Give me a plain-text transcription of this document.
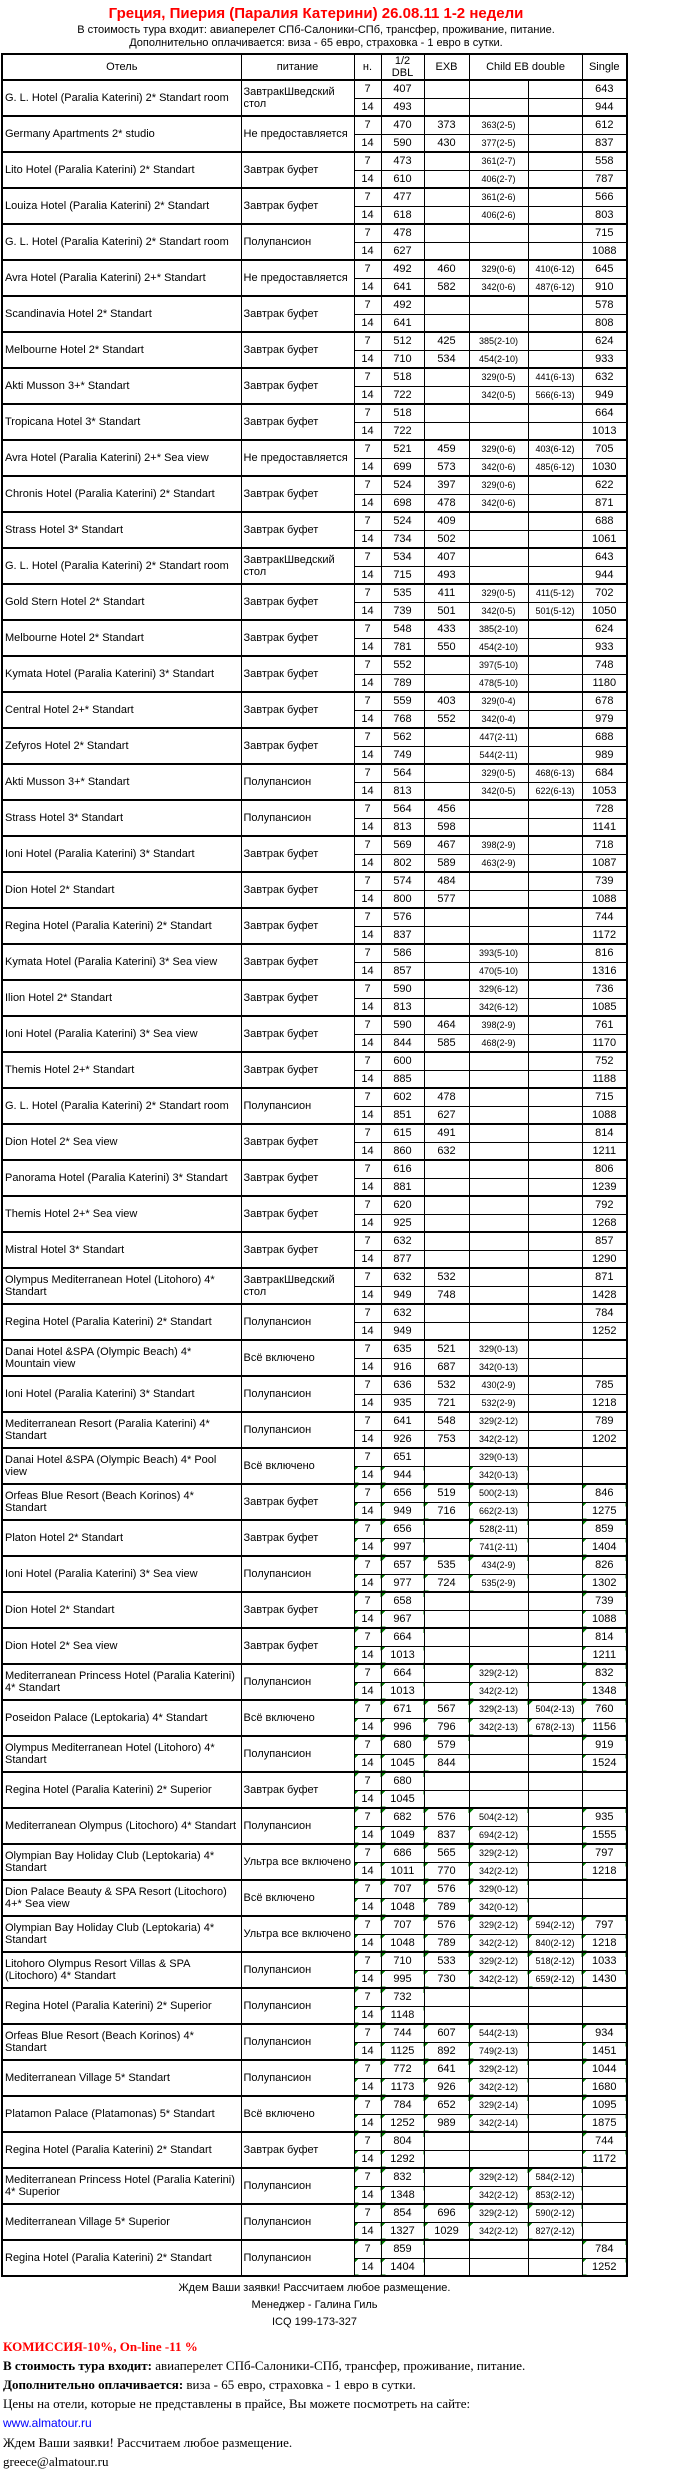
Греция, Пиерия (Паралия Катерини) 26.08.11 1-2 недели
В стоимость тура входит: авиаперелет СПб-Салоники-СПб, трансфер, проживание, питание.
Дополнительно оплачивается: виза - 65 евро, страховка - 1 евро в сутки.
Отель	питание	н.	1/2 DBL	EXB	Child EB double		Single
G. L. Hotel (Paralia Katerini) 2* Standart room	ЗавтракШведский стол	7	407				643
		14	493				944
Germany Apartments 2* studio	Не предоставляется	7	470	373	363(2-5)		612
		14	590	430	377(2-5)		837
Lito Hotel (Paralia Katerini) 2* Standart	Завтрак буфет	7	473		361(2-7)		558
		14	610		406(2-7)		787
Louiza Hotel (Paralia Katerini) 2* Standart	Завтрак буфет	7	477		361(2-6)		566
		14	618		406(2-6)		803
G. L. Hotel (Paralia Katerini) 2* Standart room	Полупансион	7	478				715
		14	627				1088
Avra Hotel (Paralia Katerini) 2+* Standart	Не предоставляется	7	492	460	329(0-6)	410(6-12)	645
		14	641	582	342(0-6)	487(6-12)	910
Scandinavia Hotel 2* Standart	Завтрак буфет	7	492				578
		14	641				808
Melbourne Hotel 2* Standart	Завтрак буфет	7	512	425	385(2-10)		624
		14	710	534	454(2-10)		933
Akti Musson 3+* Standart	Завтрак буфет	7	518		329(0-5)	441(6-13)	632
		14	722		342(0-5)	566(6-13)	949
Tropicana Hotel 3* Standart	Завтрак буфет	7	518				664
		14	722				1013
Avra Hotel (Paralia Katerini) 2+* Sea view	Не предоставляется	7	521	459	329(0-6)	403(6-12)	705
		14	699	573	342(0-6)	485(6-12)	1030
Chronis Hotel (Paralia Katerini) 2* Standart	Завтрак буфет	7	524	397	329(0-6)		622
		14	698	478	342(0-6)		871
Strass Hotel 3* Standart	Завтрак буфет	7	524	409			688
		14	734	502			1061
G. L. Hotel (Paralia Katerini) 2* Standart room	ЗавтракШведский стол	7	534	407			643
		14	715	493			944
Gold Stern Hotel 2* Standart	Завтрак буфет	7	535	411	329(0-5)	411(5-12)	702
		14	739	501	342(0-5)	501(5-12)	1050
Melbourne Hotel 2* Standart	Завтрак буфет	7	548	433	385(2-10)		624
		14	781	550	454(2-10)		933
Kymata Hotel (Paralia Katerini) 3* Standart	Завтрак буфет	7	552		397(5-10)		748
		14	789		478(5-10)		1180
Central Hotel 2+* Standart	Завтрак буфет	7	559	403	329(0-4)		678
		14	768	552	342(0-4)		979
Zefyros Hotel 2* Standart	Завтрак буфет	7	562		447(2-11)		688
		14	749		544(2-11)		989
Akti Musson 3+* Standart	Полупансион	7	564		329(0-5)	468(6-13)	684
		14	813		342(0-5)	622(6-13)	1053
Strass Hotel 3* Standart	Полупансион	7	564	456			728
		14	813	598			1141
Ioni Hotel (Paralia Katerini) 3* Standart	Завтрак буфет	7	569	467	398(2-9)		718
		14	802	589	463(2-9)		1087
Dion Hotel 2* Standart	Завтрак буфет	7	574	484			739
		14	800	577			1088
Regina Hotel (Paralia Katerini) 2* Standart	Завтрак буфет	7	576				744
		14	837				1172
Kymata Hotel (Paralia Katerini) 3* Sea view	Завтрак буфет	7	586		393(5-10)		816
		14	857		470(5-10)		1316
Ilion Hotel 2* Standart	Завтрак буфет	7	590		329(6-12)		736
		14	813		342(6-12)		1085
Ioni Hotel (Paralia Katerini) 3* Sea view	Завтрак буфет	7	590	464	398(2-9)		761
		14	844	585	468(2-9)		1170
Themis Hotel 2+* Standart	Завтрак буфет	7	600				752
		14	885				1188
G. L. Hotel (Paralia Katerini) 2* Standart room	Полупансион	7	602	478			715
		14	851	627			1088
Dion Hotel 2* Sea view	Завтрак буфет	7	615	491			814
		14	860	632			1211
Panorama Hotel (Paralia Katerini) 3* Standart	Завтрак буфет	7	616				806
		14	881				1239
Themis Hotel 2+* Sea view	Завтрак буфет	7	620				792
		14	925				1268
Mistral Hotel 3* Standart	Завтрак буфет	7	632				857
		14	877				1290
Olympus Mediterranean Hotel (Litohoro) 4* Standart	ЗавтракШведский стол	7	632	532			871
		14	949	748			1428
Regina Hotel (Paralia Katerini) 2* Standart	Полупансион	7	632				784
		14	949				1252
Danai Hotel &SPA (Olympic Beach) 4* Mountain view	Всё включено	7	635	521	329(0-13)		
		14	916	687	342(0-13)		
Ioni Hotel (Paralia Katerini) 3* Standart	Полупансион	7	636	532	430(2-9)		785
		14	935	721	532(2-9)		1218
Mediterranean Resort (Paralia Katerini) 4* Standart	Полупансион	7	641	548	329(2-12)		789
		14	926	753	342(2-12)		1202
Danai Hotel &SPA (Olympic Beach) 4* Pool view	Всё включено	7	651		329(0-13)		
		14	944		342(0-13)		
Orfeas Blue Resort (Beach Korinos) 4* Standart	Завтрак буфет	7	656	519	500(2-13)		846
		14	949	716	662(2-13)		1275
Platon Hotel 2* Standart	Завтрак буфет	7	656		528(2-11)		859
		14	997		741(2-11)		1404
Ioni Hotel (Paralia Katerini) 3* Sea view	Полупансион	7	657	535	434(2-9)		826
		14	977	724	535(2-9)		1302
Dion Hotel 2* Standart	Завтрак буфет	7	658				739
		14	967				1088
Dion Hotel 2* Sea view	Завтрак буфет	7	664				814
		14	1013				1211
Mediterranean Princess Hotel (Paralia Katerini) 4* Standart	Полупансион	7	664		329(2-12)		832
		14	1013		342(2-12)		1348
Poseidon Palace (Leptokaria) 4* Standart	Всё включено	7	671	567	329(2-13)	504(2-13)	760
		14	996	796	342(2-13)	678(2-13)	1156
Olympus Mediterranean Hotel (Litohoro) 4* Standart	Полупансион	7	680	579			919
		14	1045	844			1524
Regina Hotel (Paralia Katerini) 2* Superior	Завтрак буфет	7	680				
		14	1045				
Mediterranean Olympus (Litochoro) 4* Standart	Полупансион	7	682	576	504(2-12)		935
		14	1049	837	694(2-12)		1555
Olympian Bay Holiday Club (Leptokaria) 4* Standart	Ультра все включено	7	686	565	329(2-12)		797
		14	1011	770	342(2-12)		1218
Dion Palace Beauty & SPA Resort (Litochoro) 4+* Sea view	Всё включено	7	707	576	329(0-12)		
		14	1048	789	342(0-12)		
Olympian Bay Holiday Club (Leptokaria) 4* Standart	Ультра все включено	7	707	576	329(2-12)	594(2-12)	797
		14	1048	789	342(2-12)	840(2-12)	1218
Litohoro Olympus Resort Villas & SPA (Litochoro) 4* Standart	Полупансион	7	710	533	329(2-12)	518(2-12)	1033
		14	995	730	342(2-12)	659(2-12)	1430
Regina Hotel (Paralia Katerini) 2* Superior	Полупансион	7	732				
		14	1148				
Orfeas Blue Resort (Beach Korinos) 4* Standart	Полупансион	7	744	607	544(2-13)		934
		14	1125	892	749(2-13)		1451
Mediterranean Village 5* Standart	Полупансион	7	772	641	329(2-12)		1044
		14	1173	926	342(2-12)		1680
Platamon Palace (Platamonas) 5* Standart	Всё включено	7	784	652	329(2-14)		1095
		14	1252	989	342(2-14)		1875
Regina Hotel (Paralia Katerini) 2* Standart	Завтрак буфет	7	804				744
		14	1292				1172
Mediterranean Princess Hotel (Paralia Katerini) 4* Superior	Полупансион	7	832		329(2-12)	584(2-12)	
		14	1348		342(2-12)	853(2-12)	
Mediterranean Village 5* Superior	Полупансион	7	854	696	329(2-12)	590(2-12)	
		14	1327	1029	342(2-12)	827(2-12)	
Regina Hotel (Paralia Katerini) 2* Standart	Полупансион	7	859				784
		14	1404				1252
Ждем Ваши заявки! Рассчитаем любое размещение.
Менеджер - Галина Гиль
ICQ 199-173-327
КОМИССИЯ-10%, On-line -11 %
В стоимость тура входит: авиаперелет СПб-Салоники-СПб, трансфер, проживание, питание.
Дополнительно оплачивается: виза - 65 евро, страховка - 1 евро в сутки.
Цены на отели, которые не представлены в прайсе, Вы можете посмотреть на сайте:
www.almatour.ru
Ждем Ваши заявки! Рассчитаем любое размещение.
greece@almatour.ru
